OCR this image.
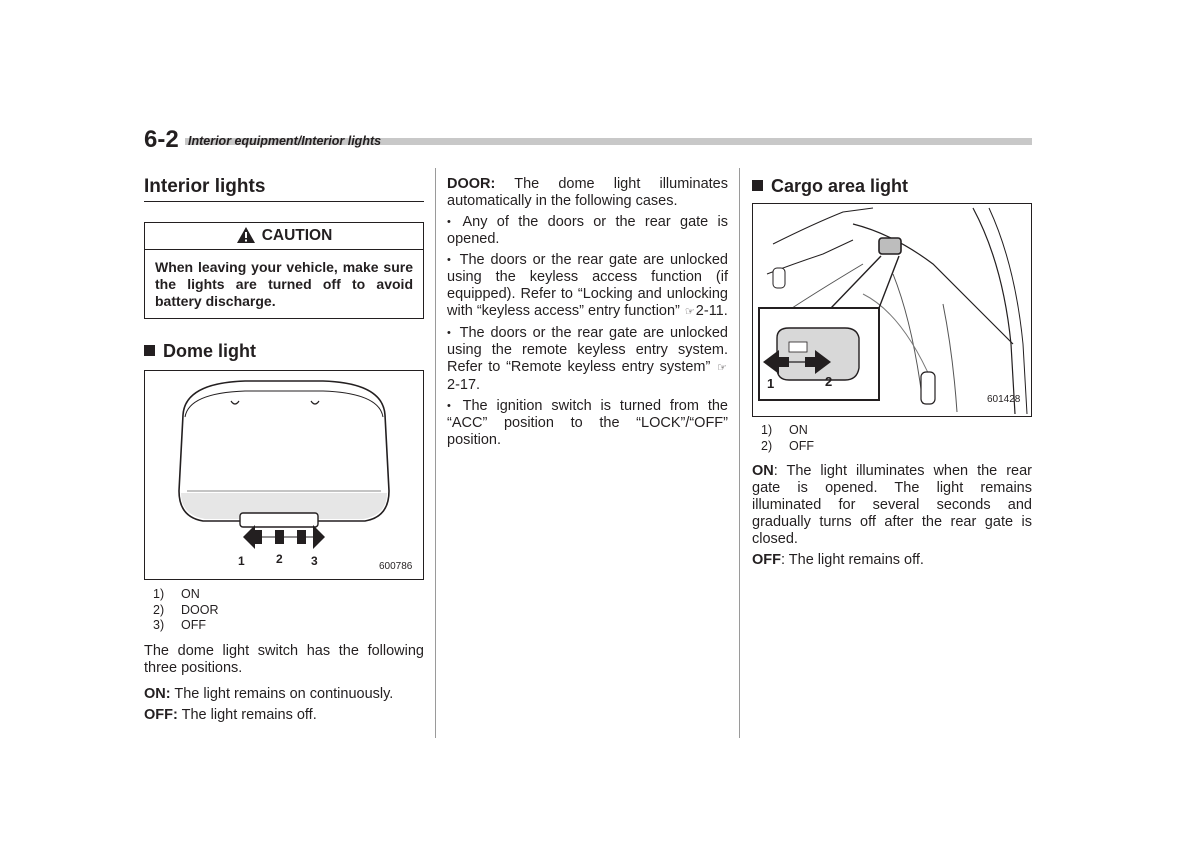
6-2 Interior equipment/Interior lights
Interior lights
CAUTION
When leaving your vehicle, make sure the lights are turned off to avoid battery discharge.
Dome light
1	2 3	600786
1) ON
2) DOOR
3) OFF

The dome light switch has the following three positions.

ON: The light remains on continuously.

OFF: The light remains off.

DOOR: The dome light illuminates automatically in the following cases.

• Any of the doors or the rear gate is opened.

• The doors or the rear gate are unlocked using the keyless access function (if equipped). Refer to “Locking and unlocking with “keyless access” entry function” ☞2-11.

• The doors or the rear gate are unlocked using the remote keyless entry system. Refer to “Remote keyless entry system” ☞2-17.

• The ignition switch is turned from the “ACC” position to the “LOCK”/“OFF” position.

Cargo area light
1	2
601428
1) ON
2) OFF

ON: The light illuminates when the rear gate is opened. The light remains illuminated for several seconds and gradually turns off after the rear gate is closed.

OFF: The light remains off.
